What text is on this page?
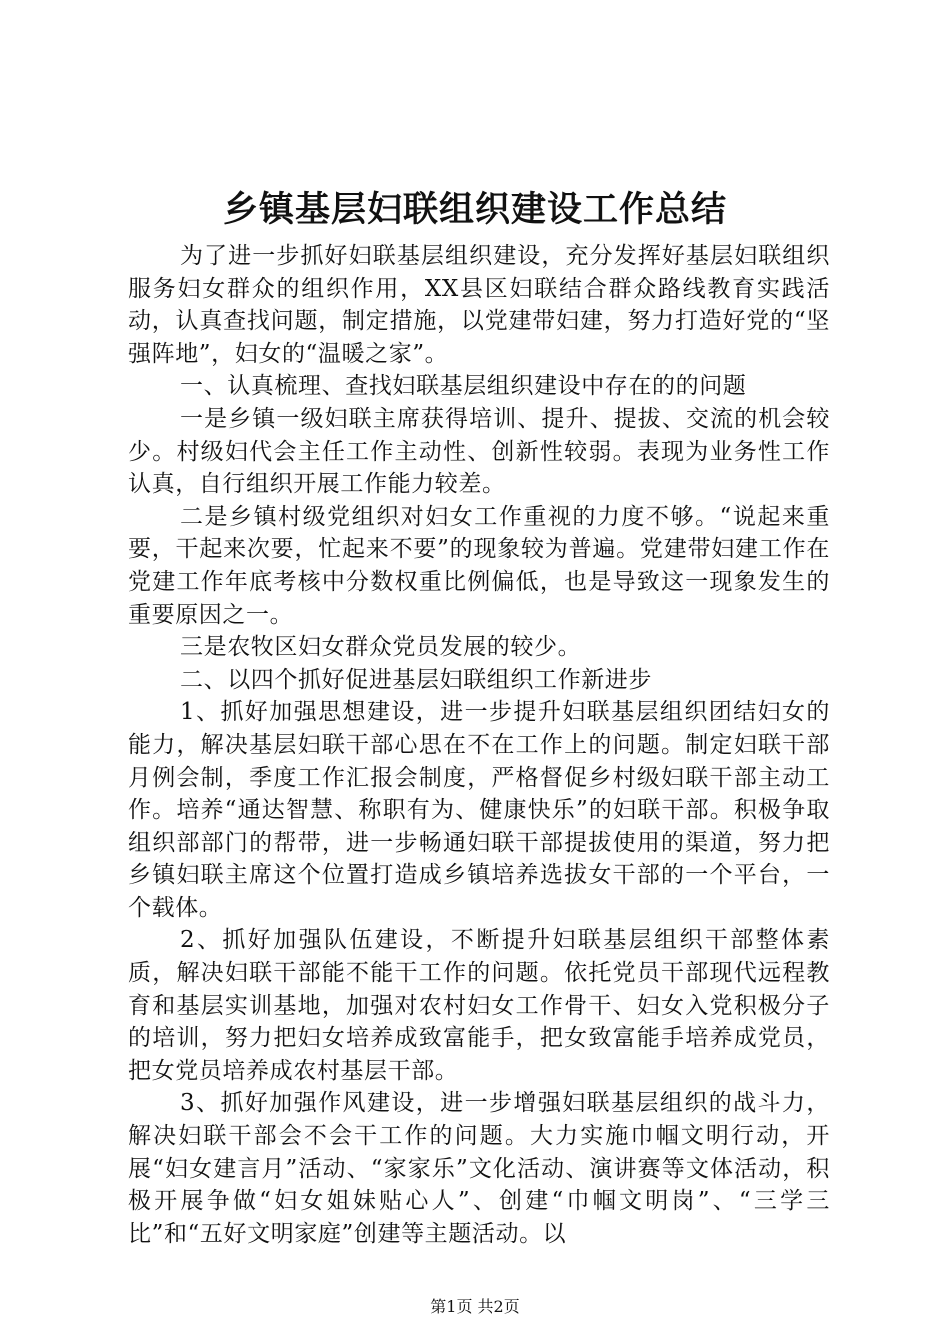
乡镇基层妇联组织建设工作总结

为了进一步抓好妇联基层组织建设，充分发挥好基层妇联组织服务妇女群众的组织作用，XX县区妇联结合群众路线教育实践活动，认真查找问题，制定措施，以党建带妇建，努力打造好党的“坚强阵地”，妇女的“温暖之家”。

一、认真梳理、查找妇联基层组织建设中存在的的问题

一是乡镇一级妇联主席获得培训、提升、提拔、交流的机会较少。村级妇代会主任工作主动性、创新性较弱。表现为业务性工作认真，自行组织开展工作能力较差。

二是乡镇村级党组织对妇女工作重视的力度不够。“说起来重要，干起来次要，忙起来不要”的现象较为普遍。党建带妇建工作在党建工作年底考核中分数权重比例偏低，也是导致这一现象发生的重要原因之一。

三是农牧区妇女群众党员发展的较少。

二、以四个抓好促进基层妇联组织工作新进步

1、抓好加强思想建设，进一步提升妇联基层组织团结妇女的能力，解决基层妇联干部心思在不在工作上的问题。制定妇联干部月例会制，季度工作汇报会制度，严格督促乡村级妇联干部主动工作。培养“通达智慧、称职有为、健康快乐”的妇联干部。积极争取组织部部门的帮带，进一步畅通妇联干部提拔使用的渠道，努力把乡镇妇联主席这个位置打造成乡镇培养选拔女干部的一个平台，一个载体。

2、抓好加强队伍建设，不断提升妇联基层组织干部整体素质，解决妇联干部能不能干工作的问题。依托党员干部现代远程教育和基层实训基地，加强对农村妇女工作骨干、妇女入党积极分子的培训，努力把妇女培养成致富能手，把女致富能手培养成党员，把女党员培养成农村基层干部。

3、抓好加强作风建设，进一步增强妇联基层组织的战斗力，解决妇联干部会不会干工作的问题。大力实施巾帼文明行动，开展“妇女建言月”活动、“家家乐”文化活动、演讲赛等文体活动，积极开展争做“妇女姐妹贴心人”、创建“巾帼文明岗”、“三学三比”和“五好文明家庭”创建等主题活动。以

第1页 共2页
